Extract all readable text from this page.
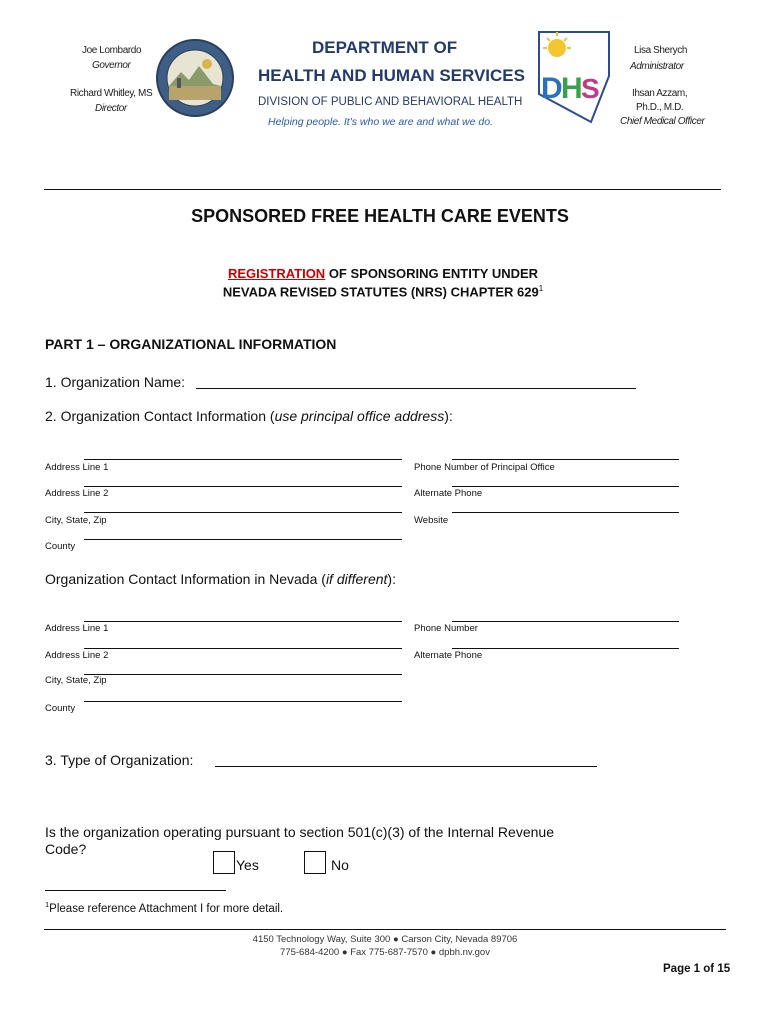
Joe Lombardo
Governor
Richard Whitley, MS
Director
DEPARTMENT OF
HEALTH AND HUMAN SERVICES
DIVISION OF PUBLIC AND BEHAVIORAL HEALTH
Helping people. It's who we are and what we do.
D
H
S
Lisa Sherych
Administrator
Ihsan Azzam,
Ph.D., M.D.
Chief Medical Officer
SPONSORED FREE HEALTH CARE EVENTS
REGISTRATION OF SPONSORING ENTITY UNDER
NEVADA REVISED STATUTES (NRS) CHAPTER $629^1$
PART 1 – ORGANIZATIONAL INFORMATION
1. Organization Name:
2. Organization Contact Information (use principal office address):
Address Line 1	Phone Number of Principal Office
Address Line 2	Alternate Phone
City, State, Zip	Website
County
Organization Contact Information in Nevada (if different):
Address Line 1	Phone Number
Address Line 2	Alternate Phone
City, State, Zip
County
3. Type of Organization:
Is the organization operating pursuant to section 501(c)(3) of the Internal Revenue
Code?
Yes	No
$^1$Please reference Attachment I for more detail.
4150 Technology Way, Suite 300 ● Carson City, Nevada 89706
775-684-4200 ● Fax 775-687-7570 ● dpbh.nv.gov
Page 1 of 15
